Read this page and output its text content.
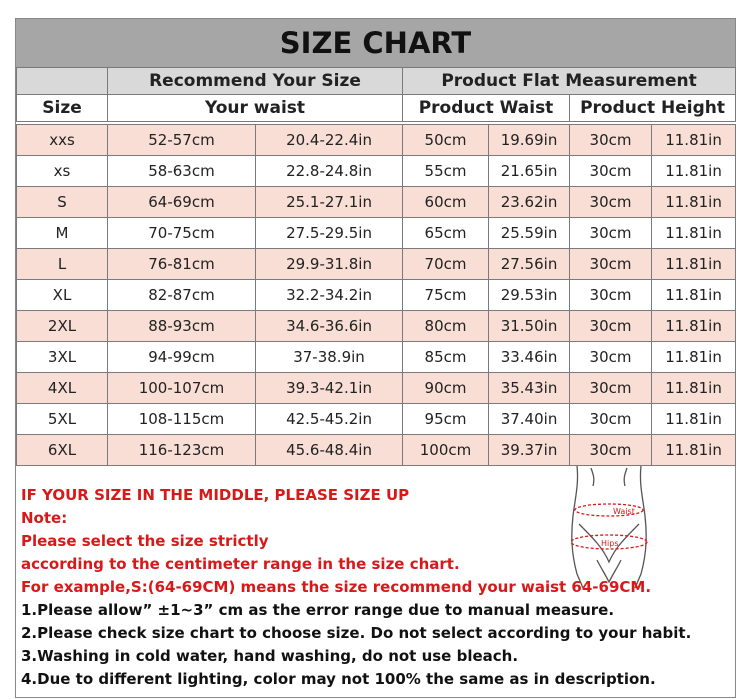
SIZE CHART
	Recommend Your Size		Product Flat Measurement			
Size	Your waist		Product Waist		Product Height	

xxs	52-57cm	20.4-22.4in	50cm	19.69in	30cm	11.81in
xs	58-63cm	22.8-24.8in	55cm	21.65in	30cm	11.81in
S	64-69cm	25.1-27.1in	60cm	23.62in	30cm	11.81in
M	70-75cm	27.5-29.5in	65cm	25.59in	30cm	11.81in
L	76-81cm	29.9-31.8in	70cm	27.56in	30cm	11.81in
XL	82-87cm	32.2-34.2in	75cm	29.53in	30cm	11.81in
2XL	88-93cm	34.6-36.6in	80cm	31.50in	30cm	11.81in
3XL	94-99cm	37-38.9in	85cm	33.46in	30cm	11.81in
4XL	100-107cm	39.3-42.1in	90cm	35.43in	30cm	11.81in
5XL	108-115cm	42.5-45.2in	95cm	37.40in	30cm	11.81in
6XL	116-123cm	45.6-48.4in	100cm	39.37in	30cm	11.81in
Waist
Hips
IF YOUR SIZE IN THE MIDDLE, PLEASE SIZE UP
Note:
Please select the size strictly
according to the centimeter range in the size chart.
For example,S:(64-69CM) means the size recommend your waist 64-69CM.
1.Please allow” ±1~3” cm as the error range due to manual measure.
2.Please check size chart to choose size. Do not select according to your habit.
3.Washing in cold water, hand washing, do not use bleach.
4.Due to different lighting, color may not 100% the same as in description.
